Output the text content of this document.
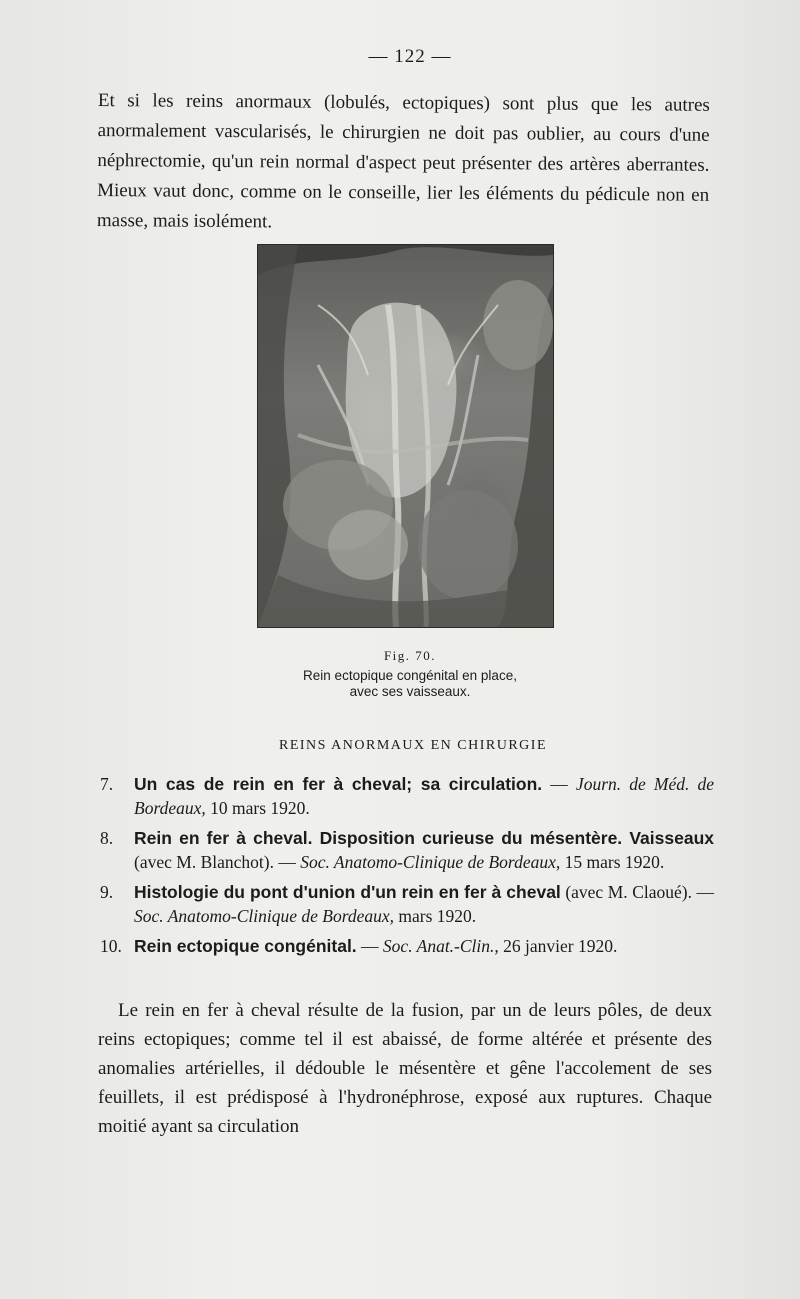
— 122 —

Et si les reins anormaux (lobulés, ectopiques) sont plus que les autres anormalement vascularisés, le chirurgien ne doit pas oublier, au cours d'une néphrectomie, qu'un rein normal d'aspect peut présenter des artères aberrantes. Mieux vaut donc, comme on le conseille, lier les éléments du pédicule non en masse, mais isolément.

Fig. 70.
Rein ectopique congénital en place,
avec ses vaisseaux.
REINS ANORMAUX EN CHIRURGIE
7. Un cas de rein en fer à cheval; sa circulation. — Journ. de Méd. de Bordeaux, 10 mars 1920.
8. Rein en fer à cheval. Disposition curieuse du mésentère. Vaisseaux (avec M. Blanchot). — Soc. Anatomo-Clinique de Bordeaux, 15 mars 1920.
9. Histologie du pont d'union d'un rein en fer à cheval (avec M. Claoué). — Soc. Anatomo-Clinique de Bordeaux, mars 1920.
10. Rein ectopique congénital. — Soc. Anat.-Clin., 26 janvier 1920.

Le rein en fer à cheval résulte de la fusion, par un de leurs pôles, de deux reins ectopiques; comme tel il est abaissé, de forme altérée et présente des anomalies artérielles, il dédouble le mésentère et gêne l'accolement de ses feuillets, il est prédisposé à l'hydronéphrose, exposé aux ruptures. Chaque moitié ayant sa circulation
